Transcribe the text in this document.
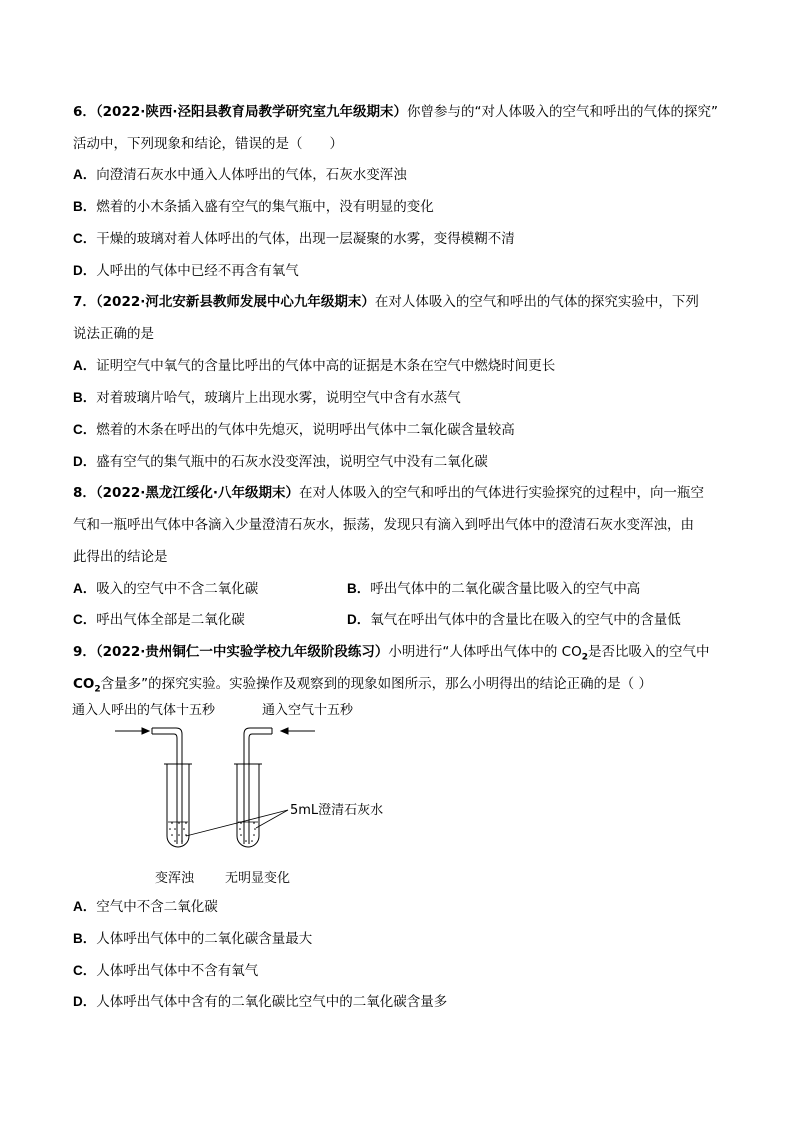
6．（2022·陕西·泾阳县教育局教学研究室九年级期末）你曾参与的“对人体吸入的空气和呼出的气体的探究”
活动中，下列现象和结论，错误的是（　　）
A．向澄清石灰水中通入人体呼出的气体，石灰水变浑浊
B．燃着的小木条插入盛有空气的集气瓶中，没有明显的变化
C．干燥的玻璃对着人体呼出的气体，出现一层凝聚的水雾，变得模糊不清
D．人呼出的气体中已经不再含有氧气
7．（2022·河北安新县教师发展中心九年级期末）在对人体吸入的空气和呼出的气体的探究实验中，下列
说法正确的是
A．证明空气中氧气的含量比呼出的气体中高的证据是木条在空气中燃烧时间更长
B．对着玻璃片哈气，玻璃片上出现水雾，说明空气中含有水蒸气
C．燃着的木条在呼出的气体中先熄灭，说明呼出气体中二氧化碳含量较高
D．盛有空气的集气瓶中的石灰水没变浑浊，说明空气中没有二氧化碳
8．（2022·黑龙江绥化·八年级期末）在对人体吸入的空气和呼出的气体进行实验探究的过程中，向一瓶空
气和一瓶呼出气体中各滴入少量澄清石灰水，振荡，发现只有滴入到呼出气体中的澄清石灰水变浑浊，由
此得出的结论是
A．吸入的空气中不含二氧化碳	B．呼出气体中的二氧化碳含量比吸入的空气中高
C．呼出气体全部是二氧化碳	D．氧气在呼出气体中的含量比在吸入的空气中的含量低
9．（2022·贵州铜仁一中实验学校九年级阶段练习）小明进行“人体呼出气体中的 $CO_2$是否比吸入的空气中
$CO_2$含量多”的探究实验。实验操作及观察到的现象如图所示，那么小明得出的结论正确的是（ ）
通入人呼出的气体十五秒	通入空气十五秒
5mL澄清石灰水
变浑浊 无明显变化
A．空气中不含二氧化碳
B．人体呼出气体中的二氧化碳含量最大
C．人体呼出气体中不含有氧气
D．人体呼出气体中含有的二氧化碳比空气中的二氧化碳含量多
